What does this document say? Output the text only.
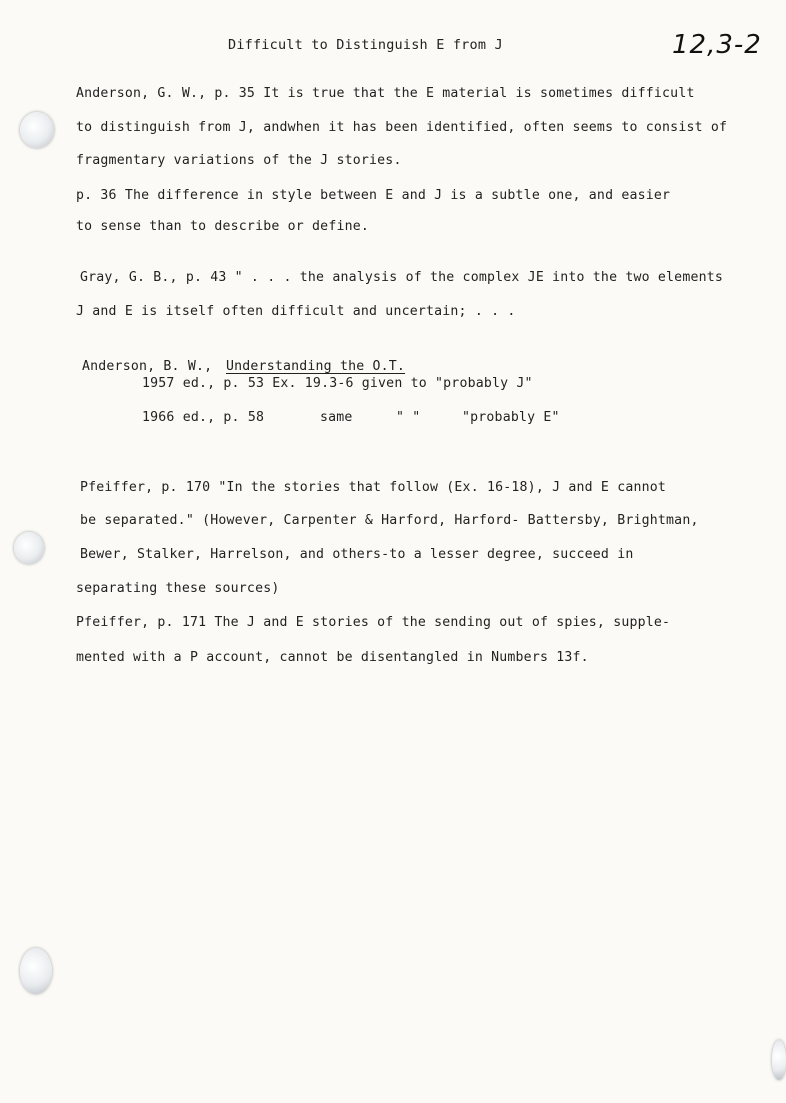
Difficult to Distinguish E from J	12,3-2
Anderson, G. W., p. 35 It is true that the E material is sometimes difficult
to distinguish from J, andwhen it has been identified, often seems to consist of
fragmentary variations of the J stories.
p. 36 The difference in style between E and J is a subtle one, and easier
to sense than to describe or define.
Gray, G. B., p. 43 " . . . the analysis of the complex JE into the two elements
J and E is itself often difficult and uncertain; . . .
Anderson, B. W., Understanding the O.T.
1957 ed., p. 53 Ex. 19.3-6 given to "probably J"
1966 ed., p. 58	same	" "	"probably E"
Pfeiffer, p. 170 "In the stories that follow (Ex. 16-18), J and E cannot
be separated." (However, Carpenter & Harford, Harford- Battersby, Brightman,
Bewer, Stalker, Harrelson, and others-to a lesser degree, succeed in
separating these sources)
Pfeiffer, p. 171 The J and E stories of the sending out of spies, supple-
mented with a P account, cannot be disentangled in Numbers 13f.
